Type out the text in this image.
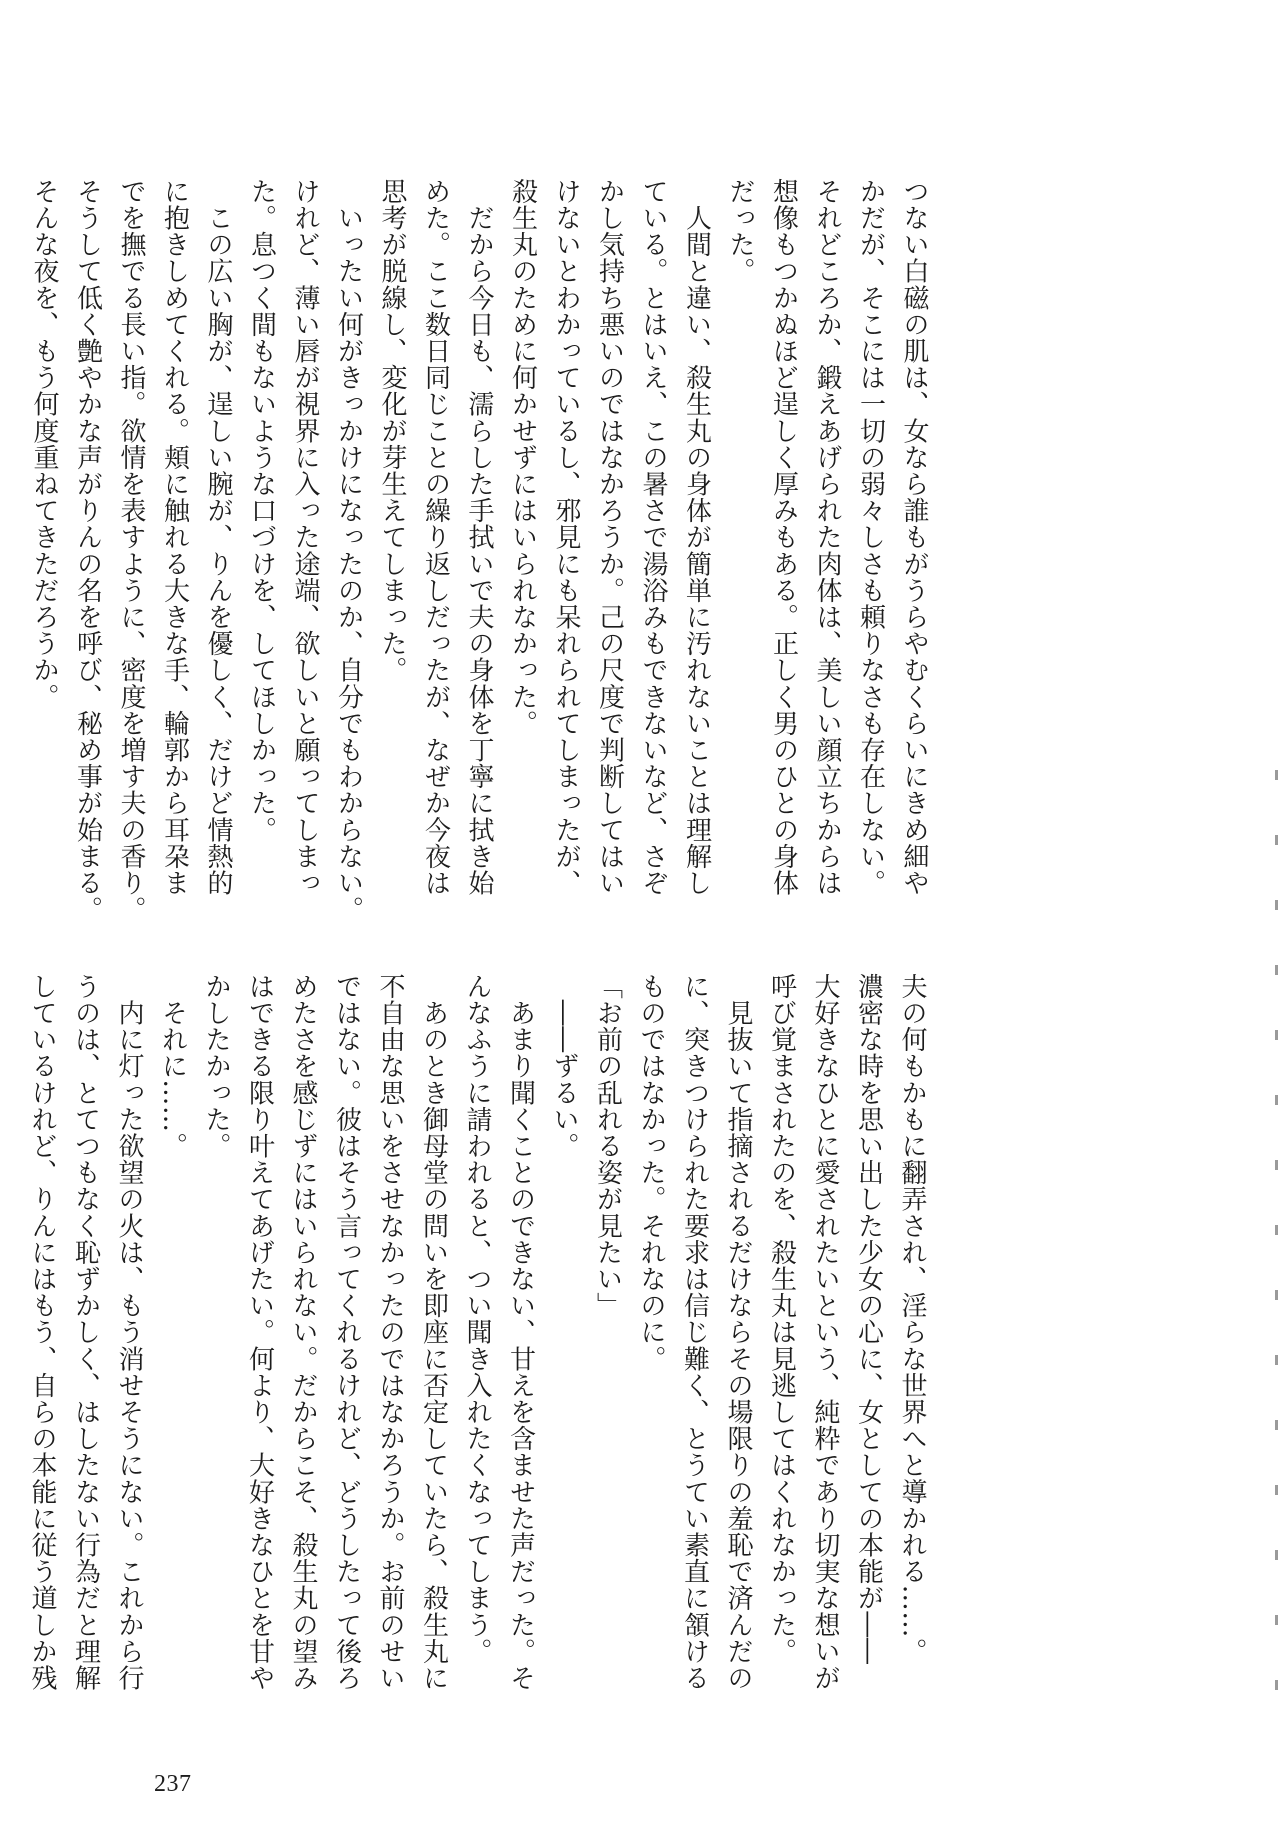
つない白磁の肌は、女なら誰もがうらやむくらいにきめ細や
かだが、そこには一切の弱々しさも頼りなさも存在しない。
それどころか、鍛えあげられた肉体は、美しい顔立ちからは
想像もつかぬほど逞しく厚みもある。正しく男のひとの身体
だった。
　人間と違い、殺生丸の身体が簡単に汚れないことは理解し
ている。とはいえ、この暑さで湯浴みもできないなど、さぞ
かし気持ち悪いのではなかろうか。己の尺度で判断してはい
けないとわかっているし、邪見にも呆れられてしまったが、
殺生丸のために何かせずにはいられなかった。
　だから今日も、濡らした手拭いで夫の身体を丁寧に拭き始
めた。ここ数日同じことの繰り返しだったが、なぜか今夜は
思考が脱線し、変化が芽生えてしまった。
　いったい何がきっかけになったのか、自分でもわからない。
けれど、薄い唇が視界に入った途端、欲しいと願ってしまっ
た。息つく間もないような口づけを、してほしかった。
　この広い胸が、逞しい腕が、りんを優しく、だけど情熱的
に抱きしめてくれる。頬に触れる大きな手、輪郭から耳朶ま
でを撫でる長い指。欲情を表すように、密度を増す夫の香り。
そうして低く艶やかな声がりんの名を呼び、秘め事が始まる。
そんな夜を、もう何度重ねてきただろうか。

夫の何もかもに翻弄され、淫らな世界へと導かれる……。
濃密な時を思い出した少女の心に、女としての本能が――
大好きなひとに愛されたいという、純粋であり切実な想いが
呼び覚まされたのを、殺生丸は見逃してはくれなかった。
　見抜いて指摘されるだけならその場限りの羞恥で済んだの
に、突きつけられた要求は信じ難く、とうてい素直に頷ける
ものではなかった。それなのに。
「お前の乱れる姿が見たい」
　――ずるい。
　あまり聞くことのできない、甘えを含ませた声だった。そ
んなふうに請われると、つい聞き入れたくなってしまう。
　あのとき御母堂の問いを即座に否定していたら、殺生丸に
不自由な思いをさせなかったのではなかろうか。お前のせい
ではない。彼はそう言ってくれるけれど、どうしたって後ろ
めたさを感じずにはいられない。だからこそ、殺生丸の望み
はできる限り叶えてあげたい。何より、大好きなひとを甘や
かしたかった。
　それに……。
　内に灯った欲望の火は、もう消せそうにない。これから行
うのは、とてつもなく恥ずかしく、はしたない行為だと理解
しているけれど、りんにはもう、自らの本能に従う道しか残

237
